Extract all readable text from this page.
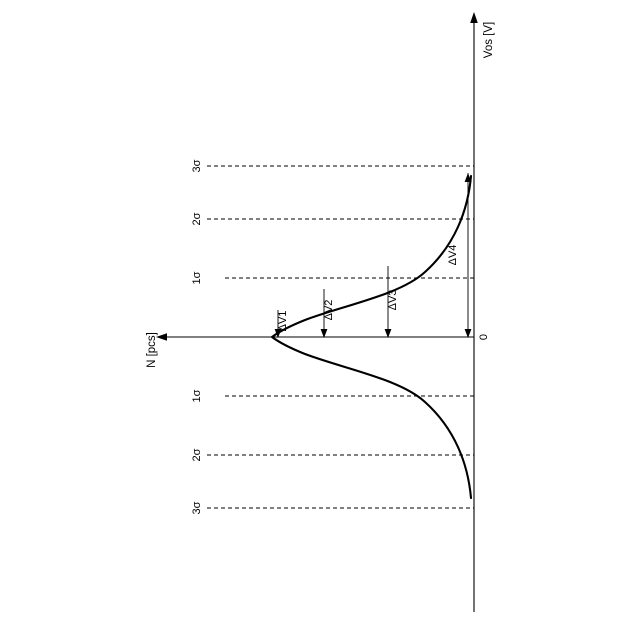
ΔV1
ΔV2	ΔV3
ΔV4
Vos [V]
N [pcs]	0
1σ
2σ
3σ
1σ
2σ
3σ
